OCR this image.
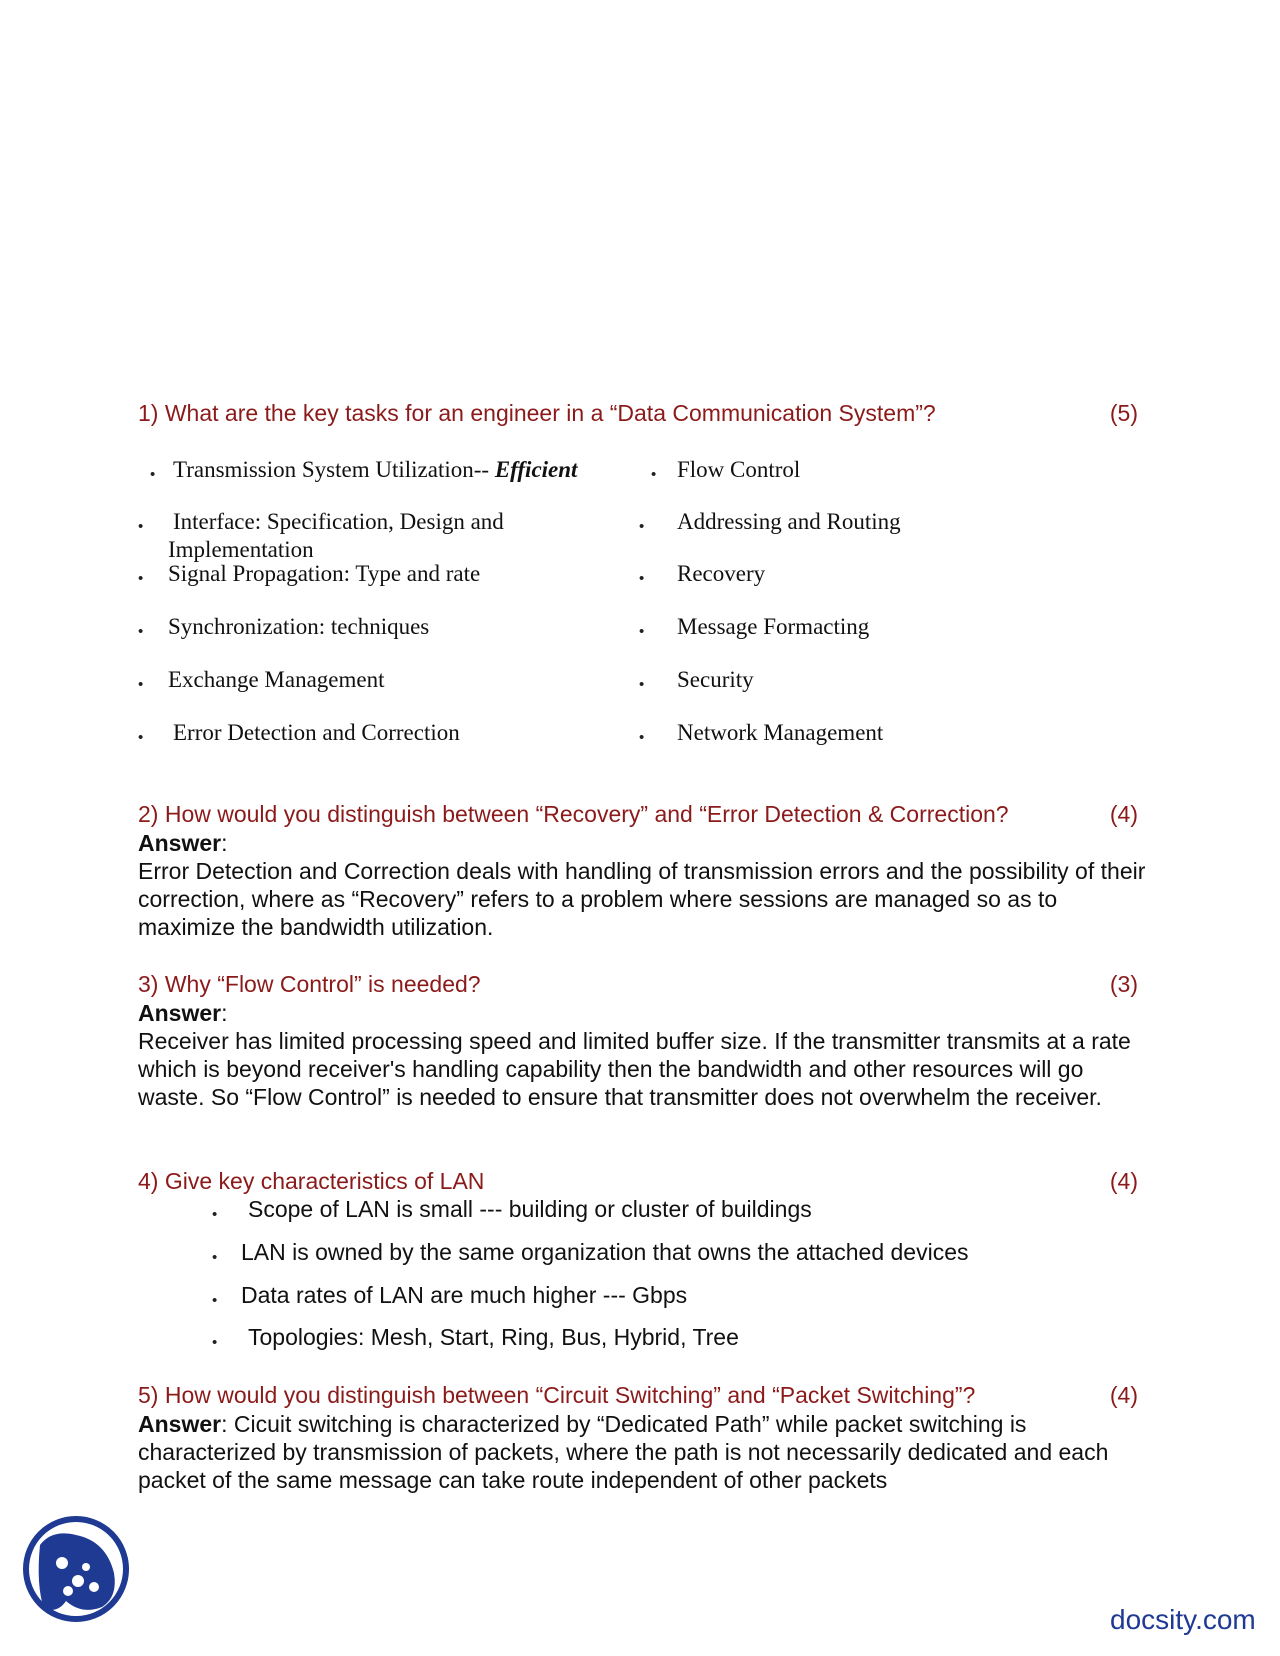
1) What are the key tasks for an engineer in a “Data Communication System”?	(5)
• Transmission System Utilization-- Efficient
• Interface: Specification, Design and
Implementation
• Signal Propagation: Type and rate
• Synchronization: techniques
• Exchange Management
• Error Detection and Correction
• Flow Control
• Addressing and Routing
• Recovery
• Message Formacting
• Security
• Network Management
2) How would you distinguish between “Recovery” and “Error Detection & Correction?	(4)
Answer:
Error Detection and Correction deals with handling of transmission errors and the possibility of their correction, where as “Recovery” refers to a problem where sessions are managed so as to maximize the bandwidth utilization.
3) Why “Flow Control” is needed?	(3)
Answer:
Receiver has limited processing speed and limited buffer size. If the transmitter transmits at a rate which is beyond receiver's handling capability then the bandwidth and other resources will go waste. So “Flow Control” is needed to ensure that transmitter does not overwhelm the receiver.
4) Give key characteristics of LAN	(4)
• Scope of LAN is small --- building or cluster of buildings
• LAN is owned by the same organization that owns the attached devices
• Data rates of LAN are much higher --- Gbps
• Topologies: Mesh, Start, Ring, Bus, Hybrid, Tree
5) How would you distinguish between “Circuit Switching” and “Packet Switching”?	(4)
Answer: Cicuit switching is characterized by “Dedicated Path” while packet switching is characterized by transmission of packets, where the path is not necessarily dedicated and each packet of the same message can take route independent of other packets
docsity.com
